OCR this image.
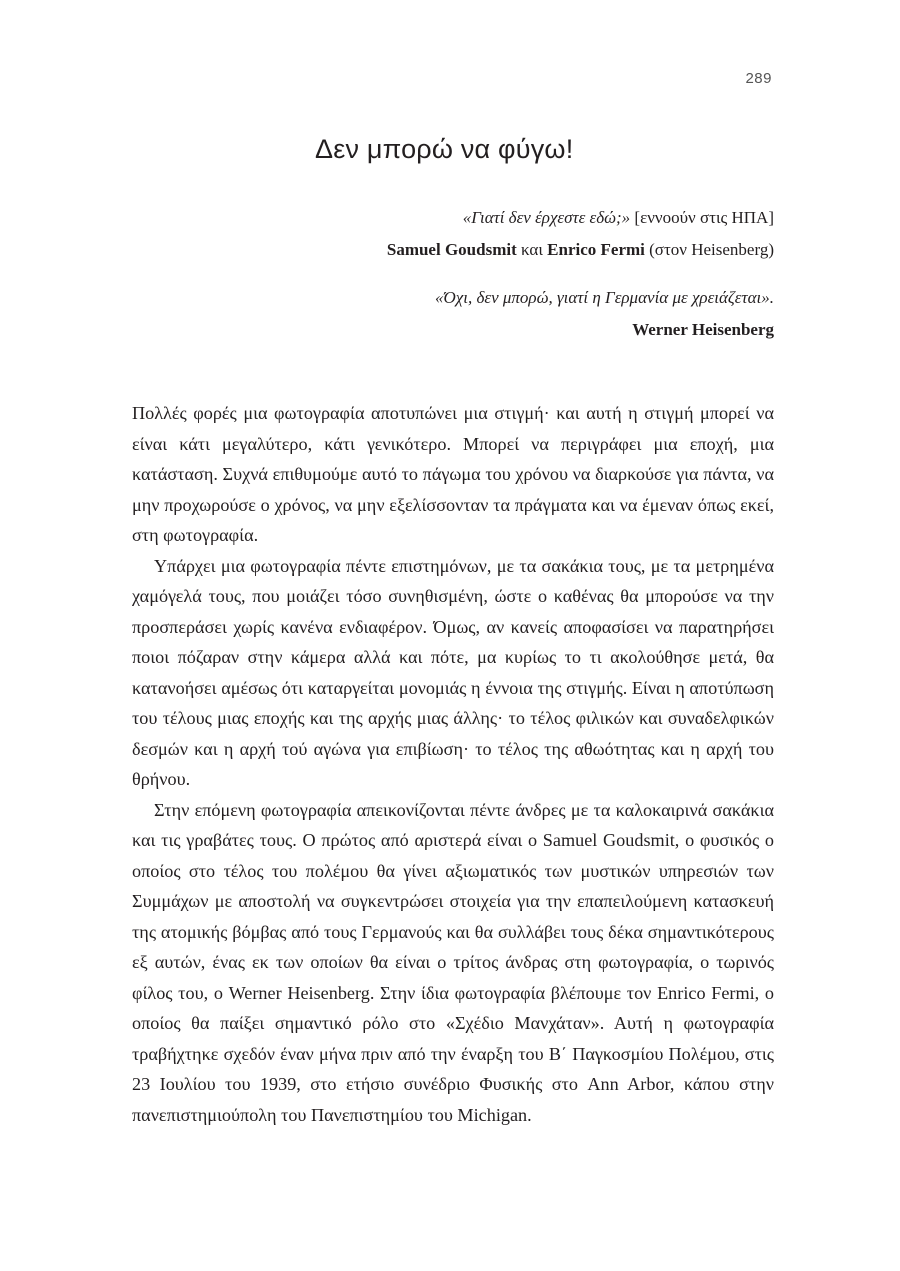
289
Δεν μπορώ να φύγω!
«Γιατί δεν έρχεστε εδώ;» [εννοούν στις ΗΠΑ]
Samuel Goudsmit και Enrico Fermi (στον Heisenberg)
«Όχι, δεν μπορώ, γιατί η Γερμανία με χρειάζεται».
Werner Heisenberg

Πολλές φορές μια φωτογραφία αποτυπώνει μια στιγμή· και αυτή η στιγμή μπορεί να είναι κάτι μεγαλύτερο, κάτι γενικότερο. Μπορεί να περιγράφει μια εποχή, μια κατάσταση. Συχνά επιθυμούμε αυτό το πάγωμα του χρόνου να διαρκούσε για πάντα, να μην προχωρούσε ο χρόνος, να μην εξελίσσονταν τα πράγματα και να έμεναν όπως εκεί, στη φωτογραφία.

Υπάρχει μια φωτογραφία πέντε επιστημόνων, με τα σακάκια τους, με τα μετρημένα χαμόγελά τους, που μοιάζει τόσο συνηθισμένη, ώστε ο καθένας θα μπορούσε να την προσπεράσει χωρίς κανένα ενδιαφέρον. Όμως, αν κανείς αποφασίσει να παρατηρήσει ποιοι πόζαραν στην κάμερα αλλά και πότε, μα κυρίως το τι ακολούθησε μετά, θα κατανοήσει αμέσως ότι καταργείται μονομιάς η έννοια της στιγμής. Είναι η αποτύπωση του τέλους μιας εποχής και της αρχής μιας άλλης· το τέλος φιλικών και συναδελφικών δεσμών και η αρχή τού αγώνα για επιβίωση· το τέλος της αθωότητας και η αρχή του θρήνου.

Στην επόμενη φωτογραφία απεικονίζονται πέντε άνδρες με τα καλοκαιρινά σακάκια και τις γραβάτες τους. Ο πρώτος από αριστερά είναι ο Samuel Goudsmit, ο φυσικός ο οποίος στο τέλος του πολέμου θα γίνει αξιωματικός των μυστικών υπηρεσιών των Συμμάχων με αποστολή να συγκεντρώσει στοιχεία για την επαπειλούμενη κατασκευή της ατομικής βόμβας από τους Γερμανούς και θα συλλάβει τους δέκα σημαντικότερους εξ αυτών, ένας εκ των οποίων θα είναι ο τρίτος άνδρας στη φωτογραφία, ο τωρινός φίλος του, ο Werner Heisenberg. Στην ίδια φωτογραφία βλέπουμε τον Enrico Fermi, ο οποίος θα παίξει σημαντικό ρόλο στο «Σχέδιο Μανχάταν». Αυτή η φωτογραφία τραβήχτηκε σχεδόν έναν μήνα πριν από την έναρξη του Β΄ Παγκοσμίου Πολέμου, στις 23 Ιουλίου του 1939, στο ετήσιο συνέδριο Φυσικής στο Ann Arbor, κάπου στην πανεπιστημιούπολη του Πανεπιστημίου του Michigan.
